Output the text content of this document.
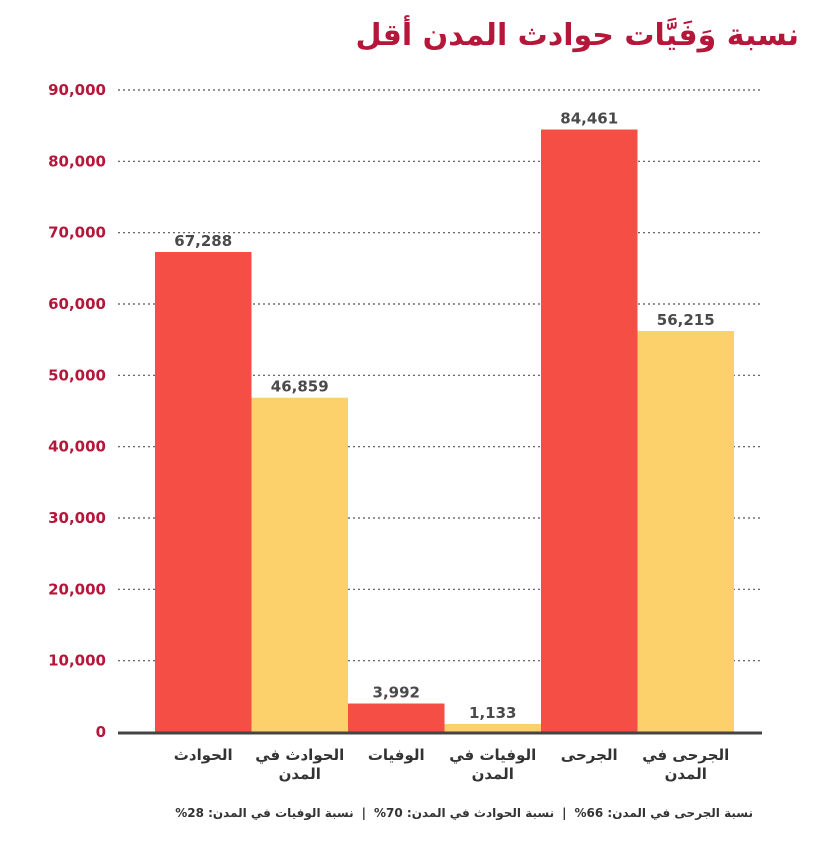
نسبة وَفَيَّات حوادث المدن أقل
0
10,000
20,000
30,000
40,000
50,000
60,000
70,000
80,000
90,000
67,288
46,859
3,992
1,133
84,461
56,215
الحوادث الحوادث في المدن
الوفيات الوفيات في المدن
الجرحى الجرحى في المدن
نسبة الجرحى في المدن: 66%|نسبة الحوادث في المدن: 70%|نسبة الوفيات في المدن: 28%
